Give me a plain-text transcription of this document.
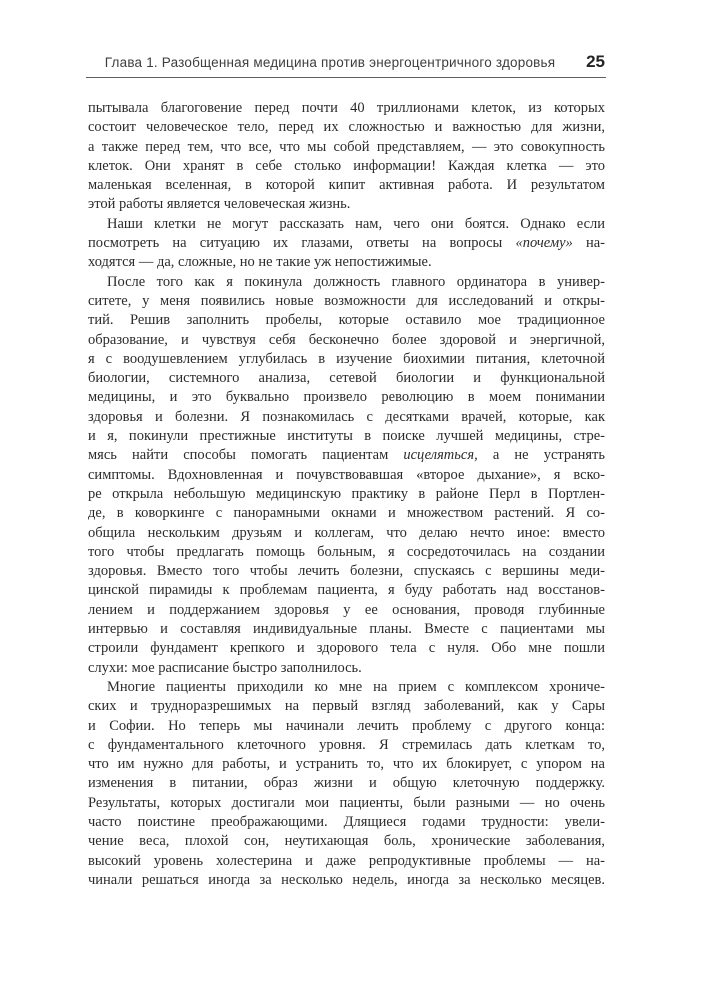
Глава 1. Разобщенная медицина против энергоцентричного здоровья	25
пытывала благоговение перед почти 40 триллионами клеток, из которых
состоит человеческое тело, перед их сложностью и важностью для жизни,
а также перед тем, что все, что мы собой представляем, — это совокупность
клеток. Они хранят в себе столько информации! Каждая клетка — это
маленькая вселенная, в которой кипит активная работа. И результатом
этой работы является человеческая жизнь.
Наши клетки не могут рассказать нам, чего они боятся. Однако если
посмотреть на ситуацию их глазами, ответы на вопросы «почему» на-
ходятся — да, сложные, но не такие уж непостижимые.
После того как я покинула должность главного ординатора в универ-
ситете, у меня появились новые возможности для исследований и откры-
тий. Решив заполнить пробелы, которые оставило мое традиционное
образование, и чувствуя себя бесконечно более здоровой и энергичной,
я с воодушевлением углубилась в изучение биохимии питания, клеточной
биологии, системного анализа, сетевой биологии и функциональной
медицины, и это буквально произвело революцию в моем понимании
здоровья и болезни. Я познакомилась с десятками врачей, которые, как
и я, покинули престижные институты в поиске лучшей медицины, стре-
мясь найти способы помогать пациентам исцеляться, а не устранять
симптомы. Вдохновленная и почувствовавшая «второе дыхание», я вско-
ре открыла небольшую медицинскую практику в районе Перл в Портлен-
де, в коворкинге с панорамными окнами и множеством растений. Я со-
общила нескольким друзьям и коллегам, что делаю нечто иное: вместо
того чтобы предлагать помощь больным, я сосредоточилась на создании
здоровья. Вместо того чтобы лечить болезни, спускаясь с вершины меди-
цинской пирамиды к проблемам пациента, я буду работать над восстанов-
лением и поддержанием здоровья у ее основания, проводя глубинные
интервью и составляя индивидуальные планы. Вместе с пациентами мы
строили фундамент крепкого и здорового тела с нуля. Обо мне пошли
слухи: мое расписание быстро заполнилось.
Многие пациенты приходили ко мне на прием с комплексом хрониче-
ских и трудноразрешимых на первый взгляд заболеваний, как у Сары
и Софии. Но теперь мы начинали лечить проблему с другого конца:
с фундаментального клеточного уровня. Я стремилась дать клеткам то,
что им нужно для работы, и устранить то, что их блокирует, с упором на
изменения в питании, образ жизни и общую клеточную поддержку.
Результаты, которых достигали мои пациенты, были разными — но очень
часто поистине преображающими. Длящиеся годами трудности: увели-
чение веса, плохой сон, неутихающая боль, хронические заболевания,
высокий уровень холестерина и даже репродуктивные проблемы — на-
чинали решаться иногда за несколько недель, иногда за несколько месяцев.
